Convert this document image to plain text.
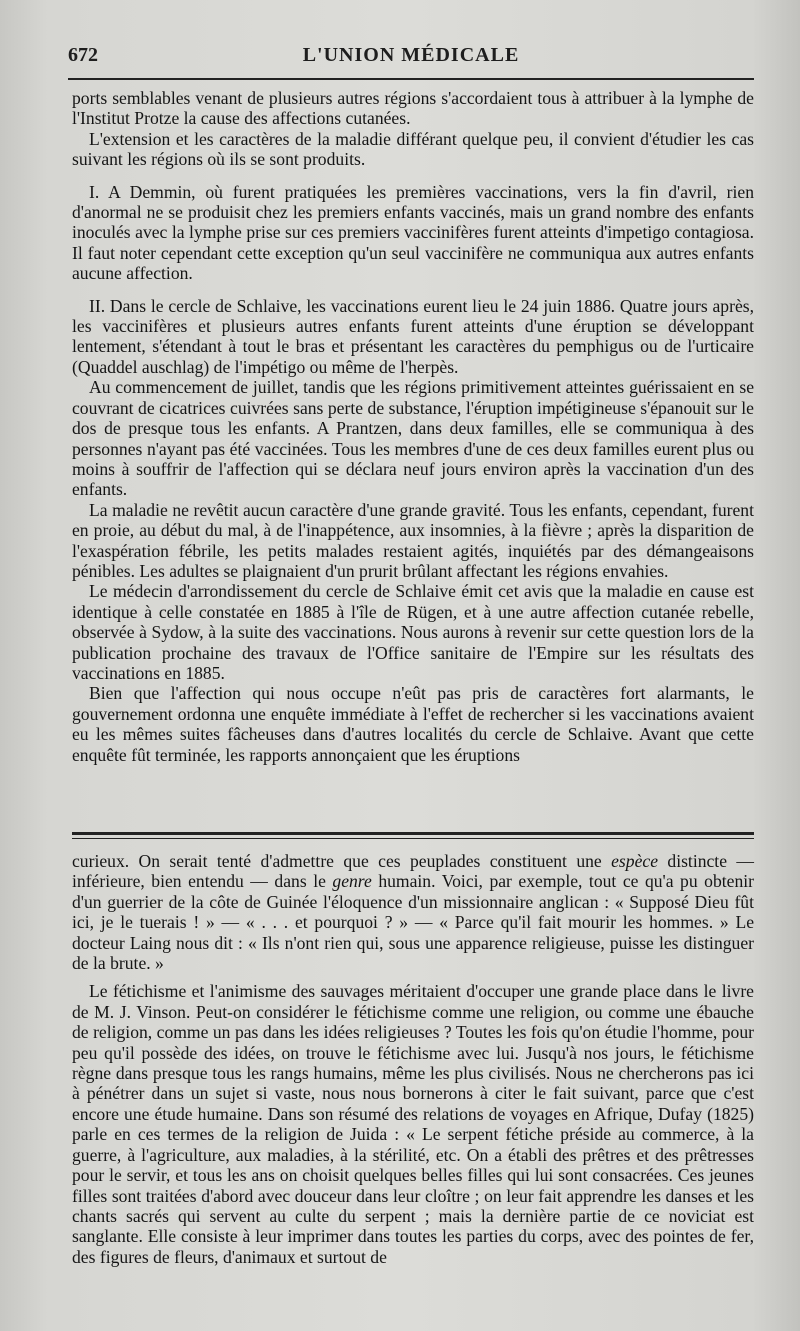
672	L'UNION MÉDICALE

ports semblables venant de plusieurs autres régions s'accordaient tous à attribuer à la lymphe de l'Institut Protze la cause des affections cutanées.

L'extension et les caractères de la maladie différant quelque peu, il convient d'étudier les cas suivant les régions où ils se sont produits.

I. A Demmin, où furent pratiquées les premières vaccinations, vers la fin d'avril, rien d'anormal ne se produisit chez les premiers enfants vaccinés, mais un grand nombre des enfants inoculés avec la lymphe prise sur ces premiers vaccinifères furent atteints d'impetigo contagiosa. Il faut noter cependant cette exception qu'un seul vaccinifère ne communiqua aux autres enfants aucune affection.

II. Dans le cercle de Schlaive, les vaccinations eurent lieu le 24 juin 1886. Quatre jours après, les vaccinifères et plusieurs autres enfants furent atteints d'une éruption se développant lentement, s'étendant à tout le bras et présentant les caractères du pemphigus ou de l'urticaire (Quaddel auschlag) de l'impétigo ou même de l'herpès.

Au commencement de juillet, tandis que les régions primitivement atteintes guérissaient en se couvrant de cicatrices cuivrées sans perte de substance, l'éruption impétigineuse s'épanouit sur le dos de presque tous les enfants. A Prantzen, dans deux familles, elle se communiqua à des personnes n'ayant pas été vaccinées. Tous les membres d'une de ces deux familles eurent plus ou moins à souffrir de l'affection qui se déclara neuf jours environ après la vaccination d'un des enfants.

La maladie ne revêtit aucun caractère d'une grande gravité. Tous les enfants, cependant, furent en proie, au début du mal, à de l'inappétence, aux insomnies, à la fièvre ; après la disparition de l'exaspération fébrile, les petits malades restaient agités, inquiétés par des démangeaisons pénibles. Les adultes se plaignaient d'un prurit brûlant affectant les régions envahies.

Le médecin d'arrondissement du cercle de Schlaive émit cet avis que la maladie en cause est identique à celle constatée en 1885 à l'île de Rügen, et à une autre affection cutanée rebelle, observée à Sydow, à la suite des vaccinations. Nous aurons à revenir sur cette question lors de la publication prochaine des travaux de l'Office sanitaire de l'Empire sur les résultats des vaccinations en 1885.

Bien que l'affection qui nous occupe n'eût pas pris de caractères fort alarmants, le gouvernement ordonna une enquête immédiate à l'effet de rechercher si les vaccinations avaient eu les mêmes suites fâcheuses dans d'autres localités du cercle de Schlaive. Avant que cette enquête fût terminée, les rapports annonçaient que les éruptions

curieux. On serait tenté d'admettre que ces peuplades constituent une espèce distincte — inférieure, bien entendu — dans le genre humain. Voici, par exemple, tout ce qu'a pu obtenir d'un guerrier de la côte de Guinée l'éloquence d'un missionnaire anglican : « Supposé Dieu fût ici, je le tuerais ! » — « . . . et pourquoi ? » — « Parce qu'il fait mourir les hommes. » Le docteur Laing nous dit : « Ils n'ont rien qui, sous une apparence religieuse, puisse les distinguer de la brute. »

Le fétichisme et l'animisme des sauvages méritaient d'occuper une grande place dans le livre de M. J. Vinson. Peut-on considérer le fétichisme comme une religion, ou comme une ébauche de religion, comme un pas dans les idées religieuses ? Toutes les fois qu'on étudie l'homme, pour peu qu'il possède des idées, on trouve le fétichisme avec lui. Jusqu'à nos jours, le fétichisme règne dans presque tous les rangs humains, même les plus civilisés. Nous ne chercherons pas ici à pénétrer dans un sujet si vaste, nous nous bornerons à citer le fait suivant, parce que c'est encore une étude humaine. Dans son résumé des relations de voyages en Afrique, Dufay (1825) parle en ces termes de la religion de Juida : « Le serpent fétiche préside au commerce, à la guerre, à l'agriculture, aux maladies, à la stérilité, etc. On a établi des prêtres et des prêtresses pour le servir, et tous les ans on choisit quelques belles filles qui lui sont consacrées. Ces jeunes filles sont traitées d'abord avec douceur dans leur cloître ; on leur fait apprendre les danses et les chants sacrés qui servent au culte du serpent ; mais la dernière partie de ce noviciat est sanglante. Elle consiste à leur imprimer dans toutes les parties du corps, avec des pointes de fer, des figures de fleurs, d'animaux et surtout de
